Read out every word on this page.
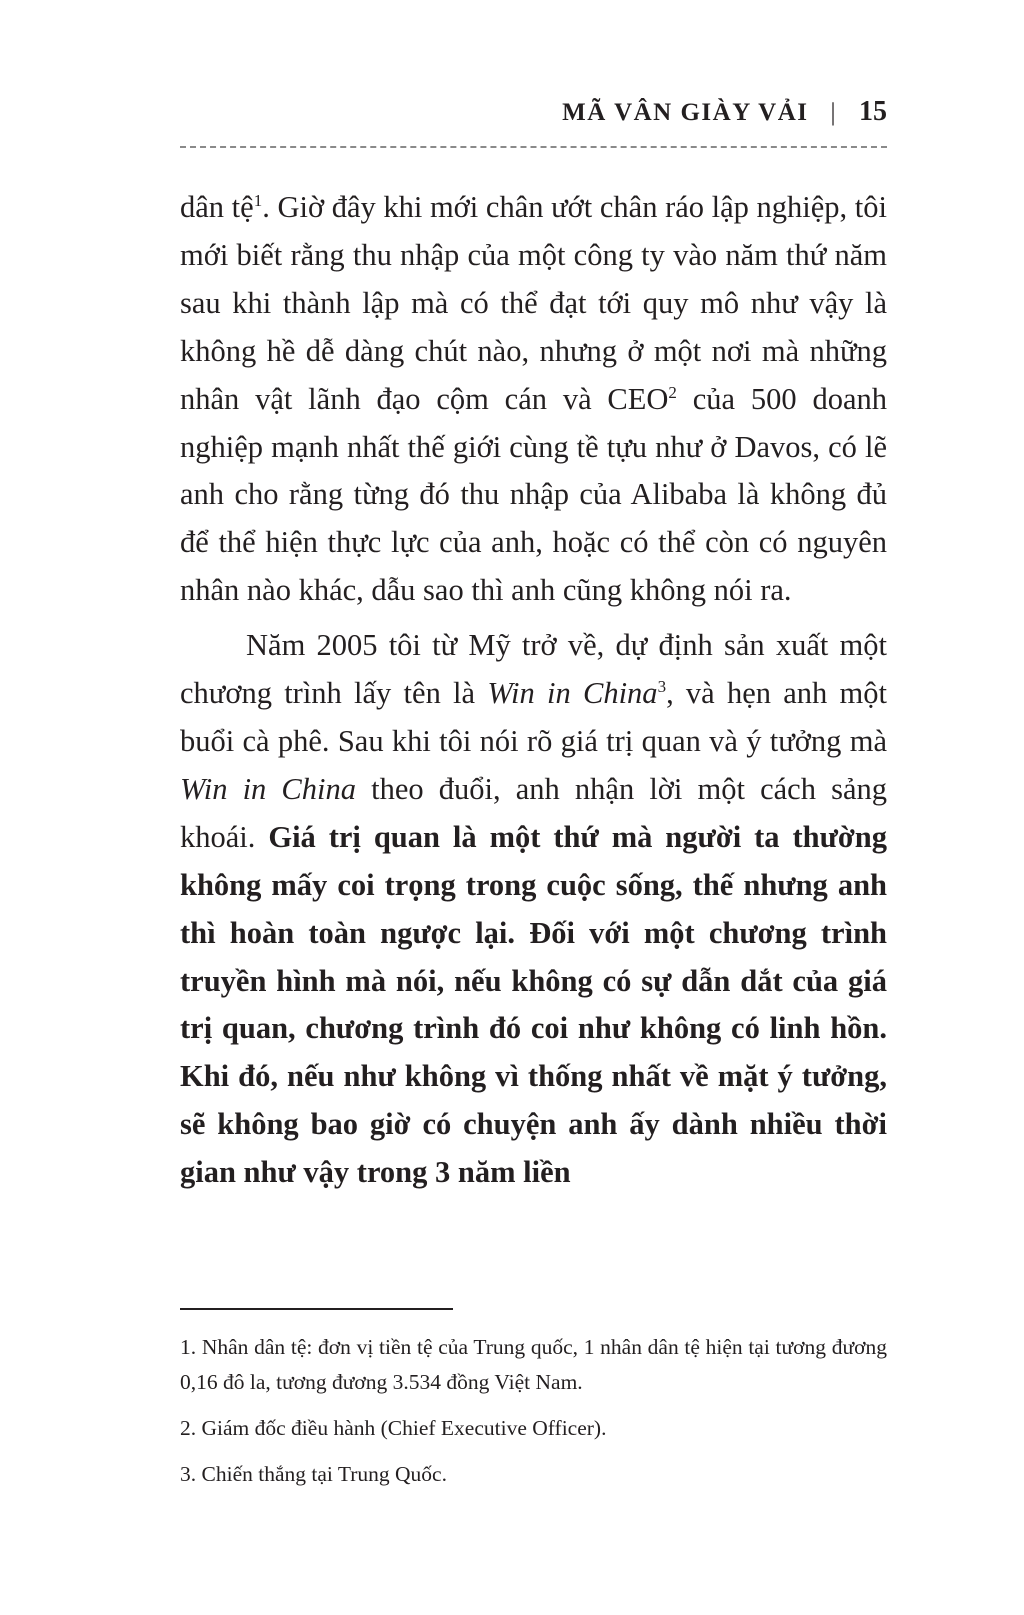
MÃ VÂN GIÀY VẢI | 15

dân tệ$^1$. Giờ đây khi mới chân ướt chân ráo lập nghiệp, tôi mới biết rằng thu nhập của một công ty vào năm thứ năm sau khi thành lập mà có thể đạt tới quy mô như vậy là không hề dễ dàng chút nào, nhưng ở một nơi mà những nhân vật lãnh đạo cộm cán và CEO$^2$ của 500 doanh nghiệp mạnh nhất thế giới cùng tề tựu như ở Davos, có lẽ anh cho rằng từng đó thu nhập của Alibaba là không đủ để thể hiện thực lực của anh, hoặc có thể còn có nguyên nhân nào khác, dẫu sao thì anh cũng không nói ra.

Năm 2005 tôi từ Mỹ trở về, dự định sản xuất một chương trình lấy tên là Win in China$^3$, và hẹn anh một buổi cà phê. Sau khi tôi nói rõ giá trị quan và ý tưởng mà Win in China theo đuổi, anh nhận lời một cách sảng khoái. Giá trị quan là một thứ mà người ta thường không mấy coi trọng trong cuộc sống, thế nhưng anh thì hoàn toàn ngược lại. Đối với một chương trình truyền hình mà nói, nếu không có sự dẫn dắt của giá trị quan, chương trình đó coi như không có linh hồn. Khi đó, nếu như không vì thống nhất về mặt ý tưởng, sẽ không bao giờ có chuyện anh ấy dành nhiều thời gian như vậy trong 3 năm liền

1. Nhân dân tệ: đơn vị tiền tệ của Trung quốc, 1 nhân dân tệ hiện tại tương đương 0,16 đô la, tương đương 3.534 đồng Việt Nam.

2. Giám đốc điều hành (Chief Executive Officer).

3. Chiến thắng tại Trung Quốc.
